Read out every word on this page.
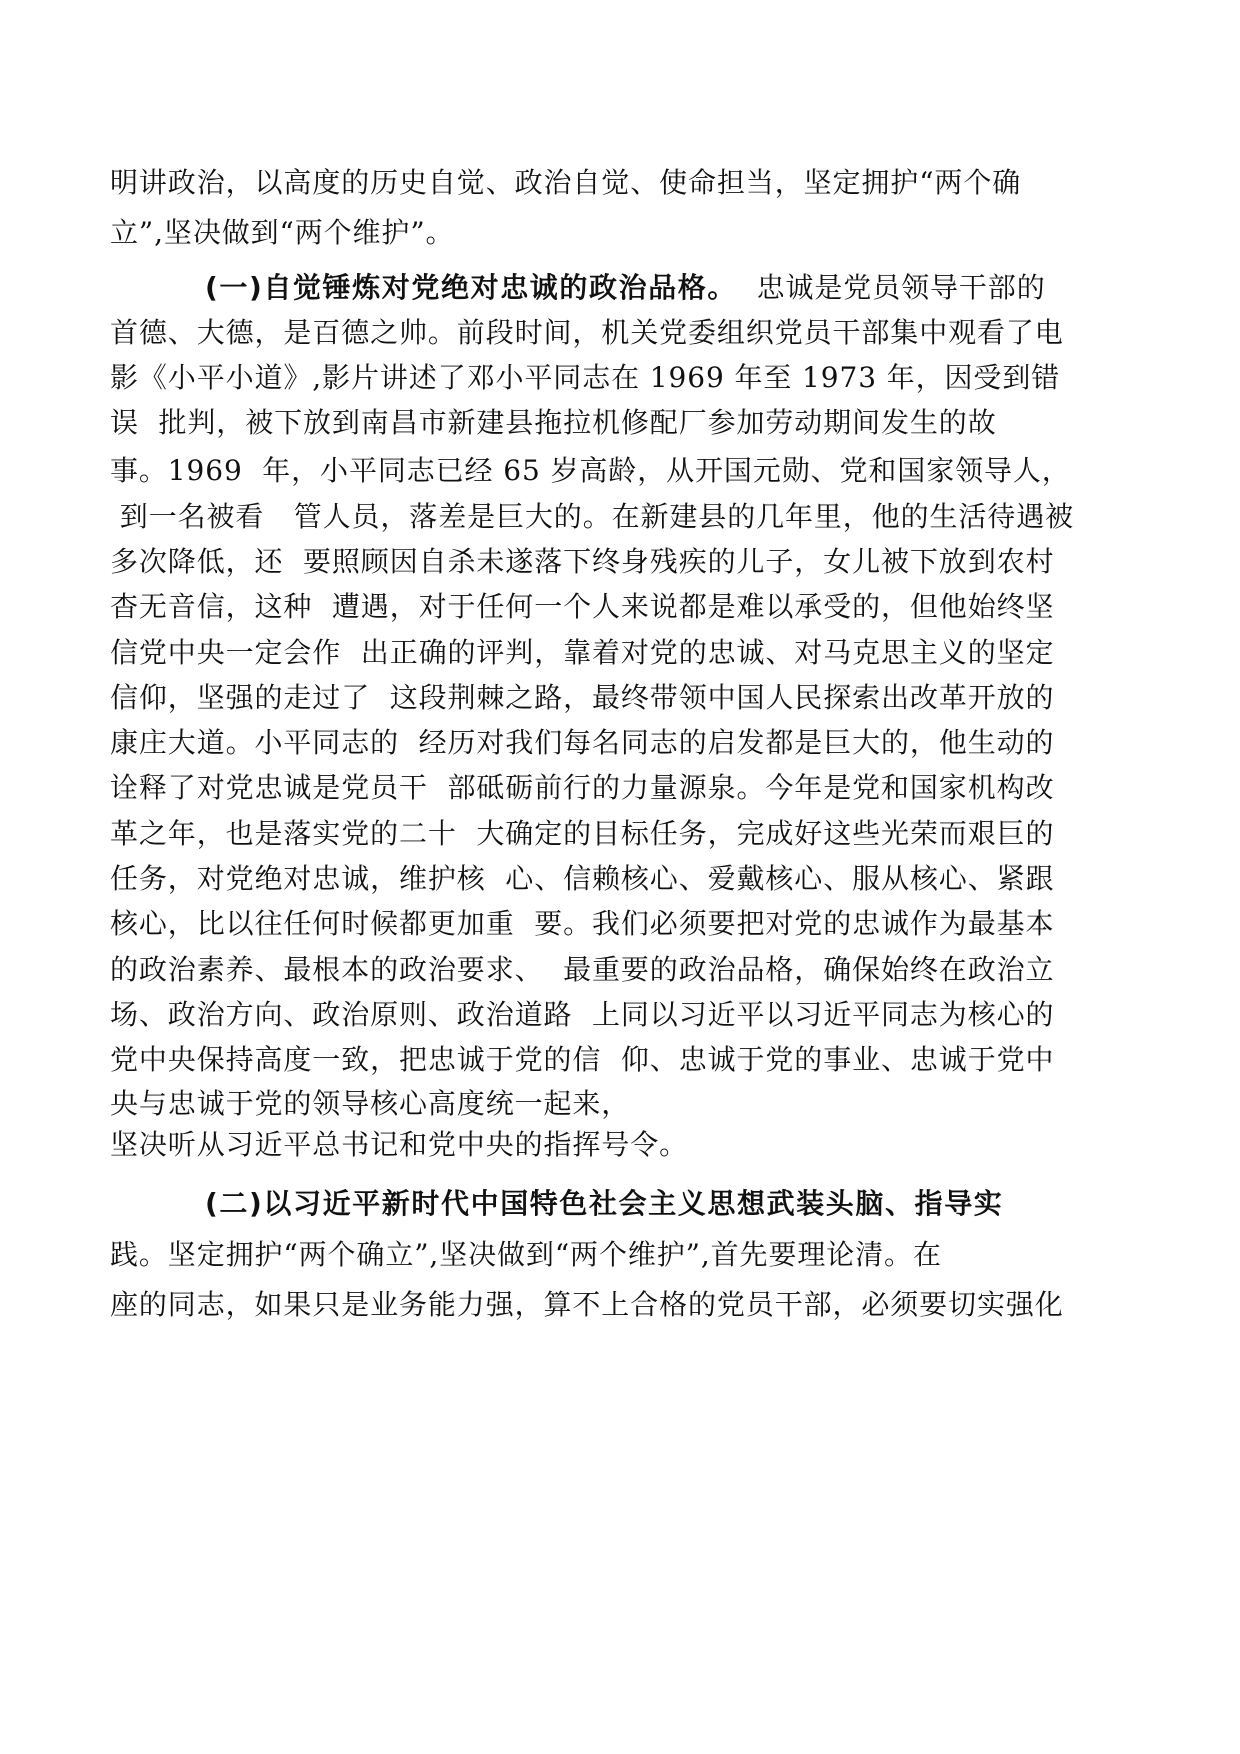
明讲政治，以高度的历史自觉、政治自觉、使命担当，坚定拥护“两个确
立”,坚决做到“两个维护”。
(一)自觉锤炼对党绝对忠诚的政治品格。  忠诚是党员领导干部的
首德、大德，是百德之帅。前段时间，机关党委组织党员干部集中观看了电
影《小平小道》,影片讲述了邓小平同志在 1969 年至 1973 年，因受到错
误  批判，被下放到南昌市新建县拖拉机修配厂参加劳动期间发生的故
事。1969  年，小平同志已经 65 岁高龄，从开国元勋、党和国家领导人，
到一名被看   管人员，落差是巨大的。在新建县的几年里，他的生活待遇被
多次降低，还  要照顾因自杀未遂落下终身残疾的儿子，女儿被下放到农村
杳无音信，这种  遭遇，对于任何一个人来说都是难以承受的，但他始终坚
信党中央一定会作  出正确的评判，靠着对党的忠诚、对马克思主义的坚定
信仰，坚强的走过了  这段荆棘之路，最终带领中国人民探索出改革开放的
康庄大道。小平同志的  经历对我们每名同志的启发都是巨大的，他生动的
诠释了对党忠诚是党员干  部砥砺前行的力量源泉。今年是党和国家机构改
革之年，也是落实党的二十  大确定的目标任务，完成好这些光荣而艰巨的
任务，对党绝对忠诚，维护核  心、信赖核心、爱戴核心、服从核心、紧跟
核心，比以往任何时候都更加重  要。我们必须要把对党的忠诚作为最基本
的政治素养、最根本的政治要求、  最重要的政治品格，确保始终在政治立
场、政治方向、政治原则、政治道路  上同以习近平以习近平同志为核心的
党中央保持高度一致，把忠诚于党的信  仰、忠诚于党的事业、忠诚于党中
央与忠诚于党的领导核心高度统一起来，
坚决听从习近平总书记和党中央的指挥号令。
(二)以习近平新时代中国特色社会主义思想武装头脑、指导实
践。坚定拥护“两个确立”,坚决做到“两个维护”,首先要理论清。在
座的同志，如果只是业务能力强，算不上合格的党员干部，必须要切实强化
